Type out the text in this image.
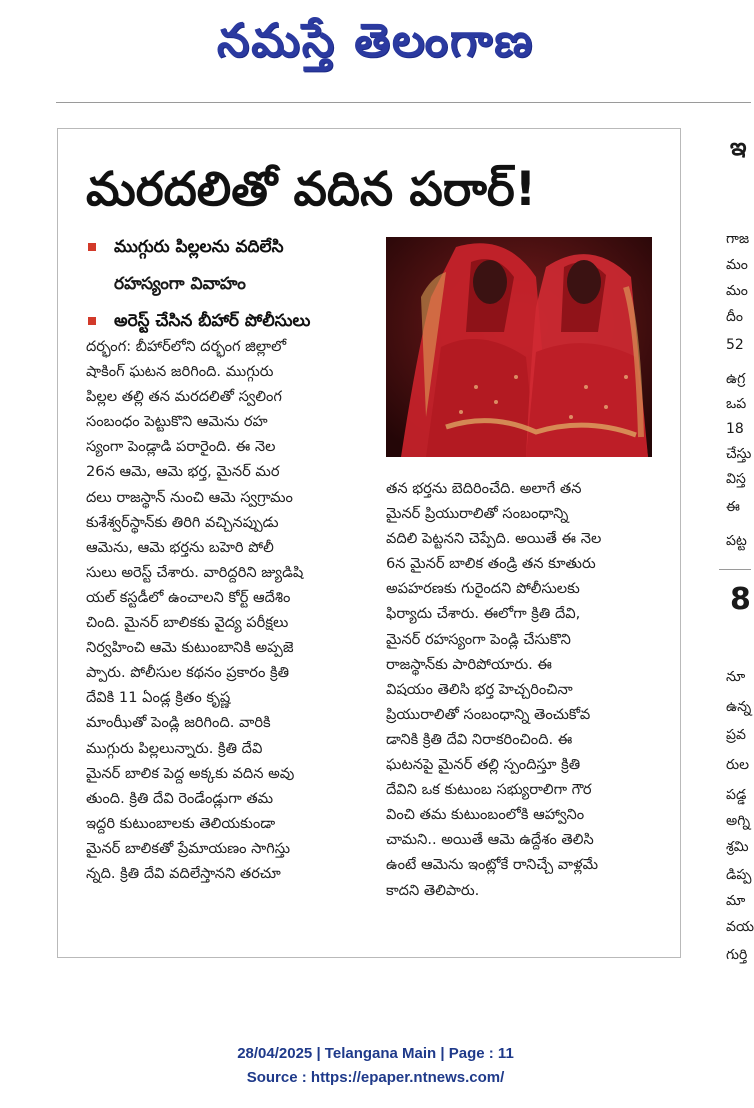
నమస్తే తెలంగాణ
మరదలితో వదిన పరార్!
ముగ్గురు పిల్లలను వదిలేసి
రహస్యంగా వివాహం
అరెస్ట్ చేసిన బీహార్ పోలీసులు
దర్భంగ: బీహార్‌లోని దర్భంగ జిల్లాలో
షాకింగ్ ఘటన జరిగింది. ముగ్గురు
పిల్లల తల్లి తన మరదలితో స్వలింగ
సంబంధం పెట్టుకొని ఆమెను రహ
స్యంగా పెండ్లాడి పరారైంది. ఈ నెల
26న ఆమె, ఆమె భర్త, మైనర్ మర
దలు రాజస్థాన్ నుంచి ఆమె స్వగ్రామం
కుశేశ్వర్‌స్థాన్‌కు తిరిగి వచ్చినప్పుడు
ఆమెను, ఆమె భర్తను బహెరి పోలీ
సులు అరెస్ట్ చేశారు. వారిద్దరిని జ్యుడిషి
యల్ కస్టడీలో ఉంచాలని కోర్ట్ ఆదేశిం
చింది. మైనర్ బాలికకు వైద్య పరీక్షలు
నిర్వహించి ఆమె కుటుంబానికి అప్పజె
ప్పారు. పోలీసుల కథనం ప్రకారం క్రితి
దేవికి 11 ఏండ్ల క్రితం కృష్ణ
మాంఝీతో పెండ్లి జరిగింది. వారికి
ముగ్గురు పిల్లలున్నారు. క్రితి దేవి
మైనర్ బాలిక పెద్ద అక్కకు వదిన అవు
తుంది. క్రితి దేవి రెండేండ్లుగా తమ
ఇద్దరి కుటుంబాలకు తెలియకుండా
మైనర్ బాలికతో ప్రేమాయణం సాగిస్తు
న్నది. క్రితి దేవి వదిలేస్తానని తరచూ
తన భర్తను బెదిరించేది. అలాగే తన
మైనర్ ప్రియురాలితో సంబంధాన్ని
వదిలి పెట్టనని చెప్పేది. అయితే ఈ నెల
6న మైనర్ బాలిక తండ్రి తన కూతురు
అపహరణకు గురైందని పోలీసులకు
ఫిర్యాదు చేశారు. ఈలోగా క్రితి దేవి,
మైనర్ రహస్యంగా పెండ్లి చేసుకొని
రాజస్థాన్‌కు పారిపోయారు. ఈ
విషయం తెలిసి భర్త హెచ్చరించినా
ప్రియురాలితో సంబంధాన్ని తెంచుకోవ
డానికి క్రితి దేవి నిరాకరించింది. ఈ
ఘటనపై మైనర్ తల్లి స్పందిస్తూ క్రితి
దేవిని ఒక కుటుంబ సభ్యురాలిగా గౌర
వించి తమ కుటుంబంలోకి ఆహ్వానిం
చామని.. అయితే ఆమె ఉద్దేశం తెలిసి
ఉంటే ఆమెను ఇంట్లోకే రానిచ్చే వాళ్లమే
కాదని తెలిపారు.
ఇ
గాజ
మం
మం
దీం
52
ఉగ్ర
ఒప
18
చేస్తు
విస్త
ఈ
పట్ట
8
నూ
ఉన్న
ప్రవ
రుల
పడ్డ
అగ్ని
శ్రమి
డిప్ప
మా
వయ
గుర్తి
28/04/2025 | Telangana Main | Page : 11
Source : https://epaper.ntnews.com/
